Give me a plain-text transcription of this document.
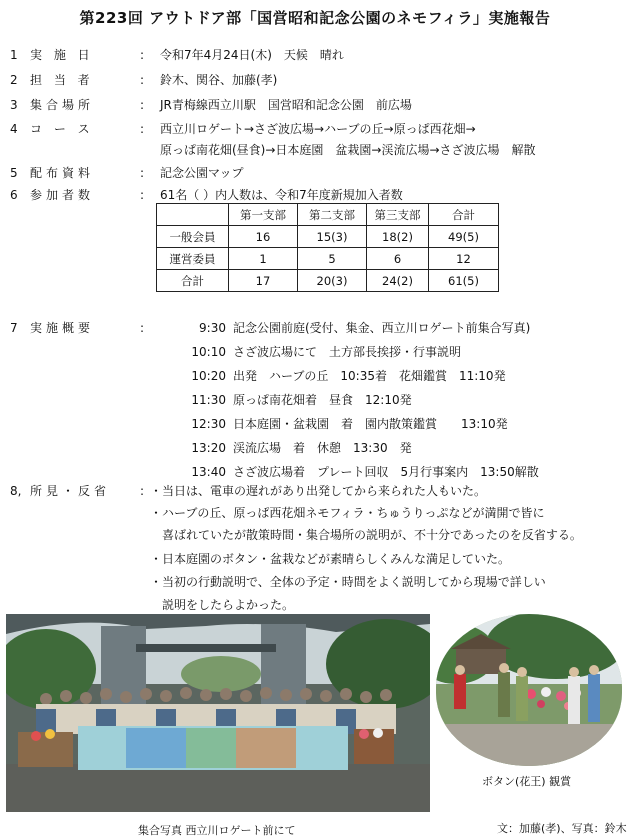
第223回 アウトドア部「国営昭和記念公園のネモフィラ」実施報告
1	実 施 日	: 令和7年4月24日(木)　天候　晴れ
2	担 当 者	: 鈴木、関谷、加藤(孝)
3	集合場所	: JR青梅線西立川駅　国営昭和記念公園　前広場
4	コ ー ス	: 西立川ロゲート→さざ波広場→ハーブの丘→原っぱ西花畑→
原っぱ南花畑(昼食)→日本庭園　盆栽園→渓流広場→さざ波広場　解散
5	配布資料	: 記念公園マップ
6	参加者数	: 61名（ ）内人数は、令和7年度新規加入者数
	第一支部	第二支部	第三支部	合計
一般会員	16	15(3)	18(2)	49(5)
運営委員	1	5	6	12
合計	17	20(3)	24(2)	61(5)
7	実施概要	:	9:30 記念公園前庭(受付、集金、西立川ロゲート前集合写真)
10:10 さざ波広場にて　土方部長挨拶・行事説明
10:20 出発　ハーブの丘　10:35着　花畑鑑賞　11:10発
11:30 原っぱ南花畑着　昼食　12:10発
12:30 日本庭園・盆栽園　着　園内散策鑑賞　　13:10発
13:20 渓流広場　着　休憩　13:30　発
13:40 さざ波広場着　プレート回収　5月行事案内　13:50解散
8, 所見・反省	: ・当日は、電車の遅れがあり出発してから来られた人もいた。
・ハーブの丘、原っぱ西花畑ネモフィラ・ちゅうりっぷなどが満開で皆に
　喜ばれていたが散策時間・集合場所の説明が、不十分であったのを反省する。
・日本庭園のボタン・盆栽などが素晴らしくみんな満足していた。
・当初の行動説明で、全体の予定・時間をよく説明してから現場で詳しい
　説明をしたらよかった。
集合写真 西立川ロゲート前にて
ボタン(花王) 観賞
文：加藤(孝)、写真：鈴木
